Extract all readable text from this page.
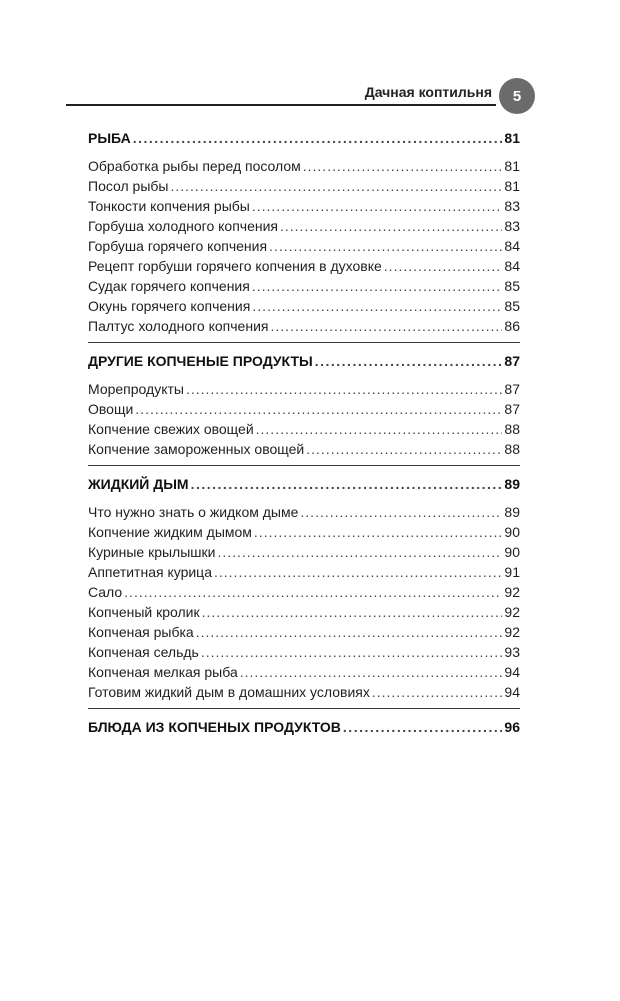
Дачная коптильня	5
РЫБА .....	81
Обработка рыбы перед посолом .....	81
Посол рыбы .....	81
Тонкости копчения рыбы .....	83
Горбуша холодного копчения .....	83
Горбуша горячего копчения .....	84
Рецепт горбуши горячего копчения в духовке .....	84
Судак горячего копчения .....	85
Окунь горячего копчения .....	85
Палтус холодного копчения .....	86
ДРУГИЕ КОПЧЕНЫЕ ПРОДУКТЫ .....	87
Морепродукты .....	87
Овощи .....	87
Копчение свежих овощей .....	88
Копчение замороженных овощей .....	88
ЖИДКИЙ ДЫМ .....	89
Что нужно знать о жидком дыме .....	89
Копчение жидким дымом .....	90
Куриные крылышки .....	90
Аппетитная курица .....	91
Сало .....	92
Копченый кролик .....	92
Копченая рыбка .....	92
Копченая сельдь .....	93
Копченая мелкая рыба .....	94
Готовим жидкий дым в домашних условиях .....	94
БЛЮДА ИЗ КОПЧЕНЫХ ПРОДУКТОВ .....	96
